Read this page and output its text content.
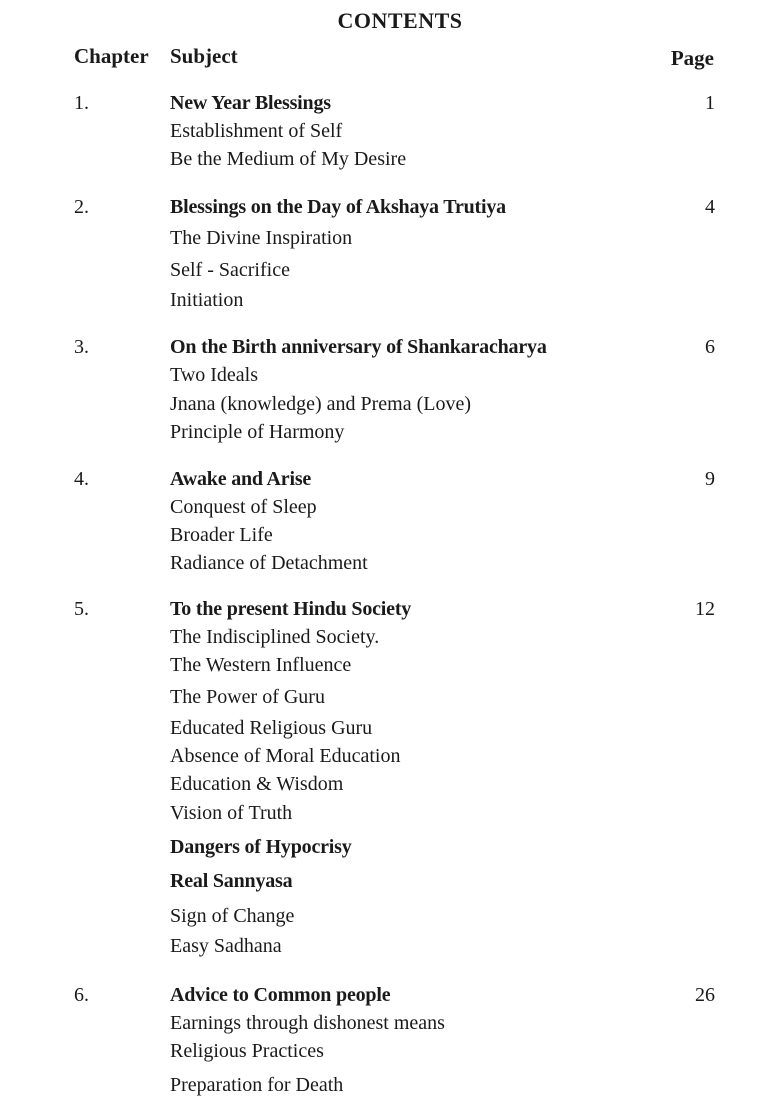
CONTENTS
Chapter Subject	Page
1.	New Year Blessings	1
Establishment of Self
Be the Medium of My Desire
2.	Blessings on the Day of Akshaya Trutiya	4
The Divine Inspiration
Self - Sacrifice
Initiation
3.	On the Birth anniversary of Shankaracharya	6
Two Ideals
Jnana (knowledge) and Prema (Love)
Principle of Harmony
4.	Awake and Arise	9
Conquest of Sleep
Broader Life
Radiance of Detachment
5.	To the present Hindu Society	12
The Indisciplined Society.
The Western Influence
The Power of Guru
Educated Religious Guru
Absence of Moral Education
Education & Wisdom
Vision of Truth
Dangers of Hypocrisy
Real Sannyasa
Sign of Change
Easy Sadhana
6.	Advice to Common people	26
Earnings through dishonest means
Religious Practices
Preparation for Death
